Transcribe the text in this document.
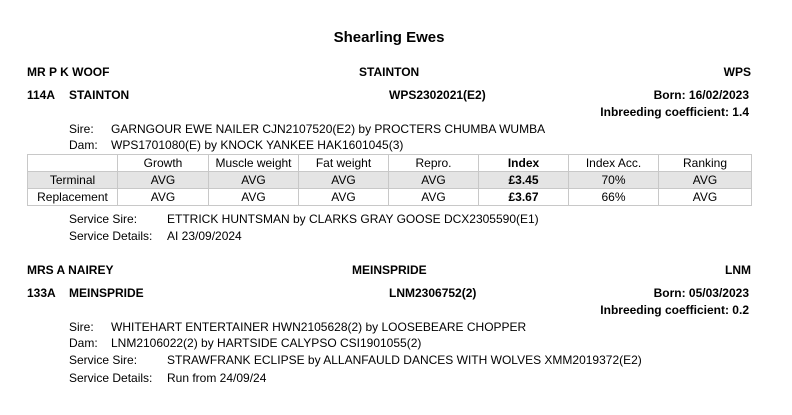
Shearling Ewes
MR P K WOOF	STAINTON	WPS
114A STAINTON	WPS2302021(E2)	Born: 16/02/2023
Inbreeding coefficient: 1.4
Sire: GARNGOUR EWE NAILER CJN2107520(E2) by PROCTERS CHUMBA WUMBA
Dam: WPS1701080(E) by KNOCK YANKEE HAK1601045(3)
	Growth	Muscle weight	Fat weight	Repro.	Index	Index Acc.	Ranking
Terminal	AVG	AVG	AVG	AVG	£3.45	70%	AVG
Replacement	AVG	AVG	AVG	AVG	£3.67	66%	AVG
Service Sire: ETTRICK HUNTSMAN by CLARKS GRAY GOOSE DCX2305590(E1)
Service Details: AI 23/09/2024
MRS A NAIREY	MEINSPRIDE	LNM
133A MEINSPRIDE	LNM2306752(2)	Born: 05/03/2023
Inbreeding coefficient: 0.2
Sire: WHITEHART ENTERTAINER HWN2105628(2) by LOOSEBEARE CHOPPER
Dam: LNM2106022(2) by HARTSIDE CALYPSO CSI1901055(2)
Service Sire: STRAWFRANK ECLIPSE by ALLANFAULD DANCES WITH WOLVES XMM2019372(E2)
Service Details: Run from 24/09/24
